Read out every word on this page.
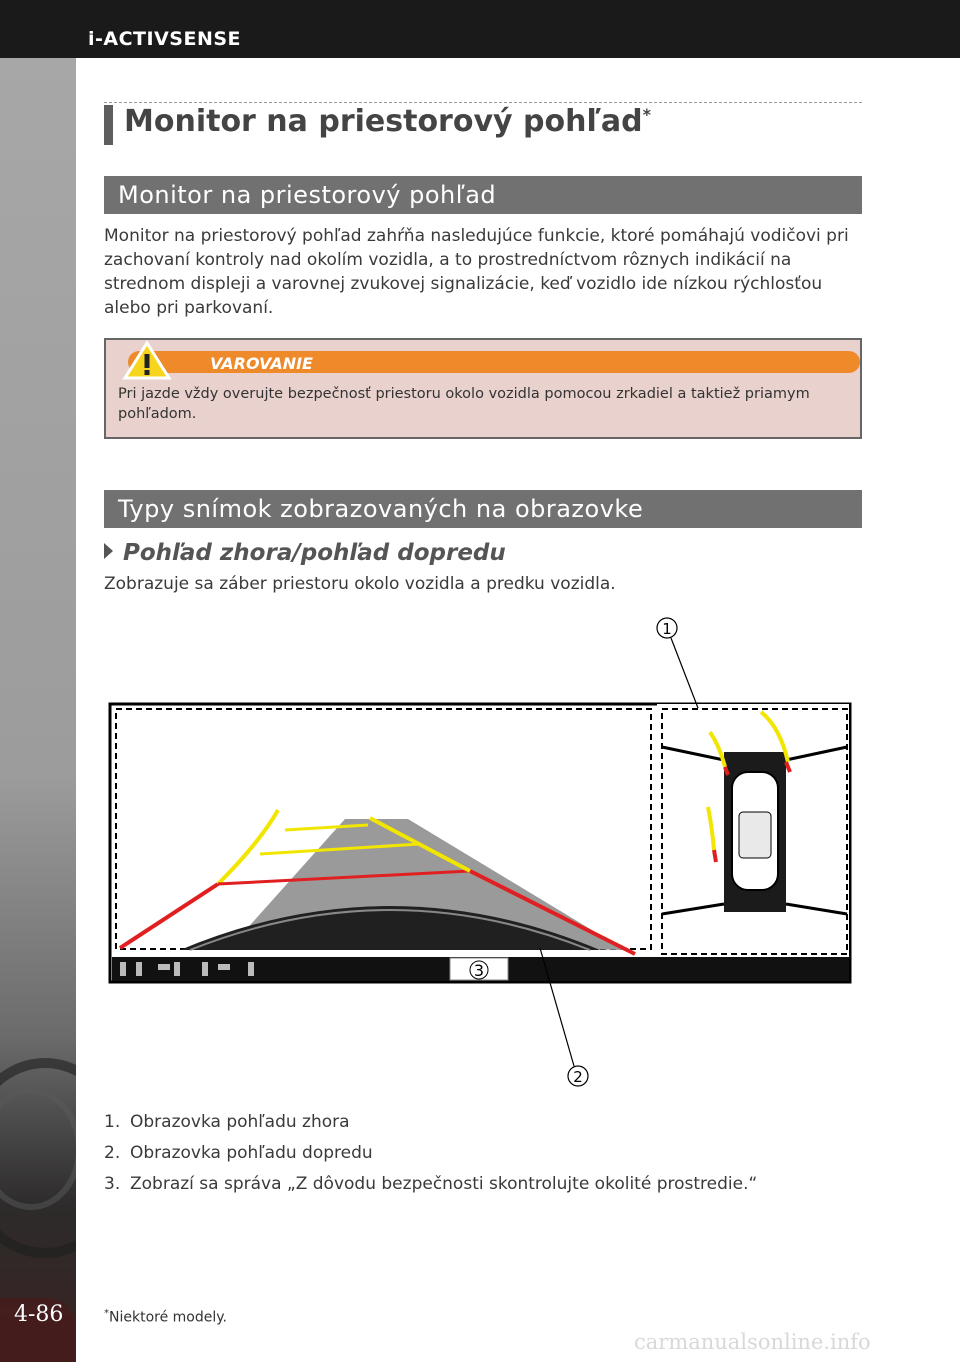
i-ACTIVSENSE
4-86
Monitor na priestorový pohľad*
Monitor na priestorový pohľad
Monitor na priestorový pohľad zahŕňa nasledujúce funkcie, ktoré pomáhajú vodičovi pri zachovaní kontroly nad okolím vozidla, a to prostredníctvom rôznych indikácií na strednom displeji a varovnej zvukovej signalizácie, keď vozidlo ide nízkou rýchlosťou alebo pri parkovaní.
VAROVANIE
Pri jazde vždy overujte bezpečnosť priestoru okolo vozidla pomocou zrkadiel a taktiež priamym pohľadom.
Typy snímok zobrazovaných na obrazovke
Pohľad zhora/pohľad dopredu
Zobrazuje sa záber priestoru okolo vozidla a predku vozidla.
3
1
2
1. Obrazovka pohľadu zhora
2. Obrazovka pohľadu dopredu
3. Zobrazí sa správa „Z dôvodu bezpečnosti skontrolujte okolité prostredie.“
*Niektoré modely.
carmanualsonline.info
